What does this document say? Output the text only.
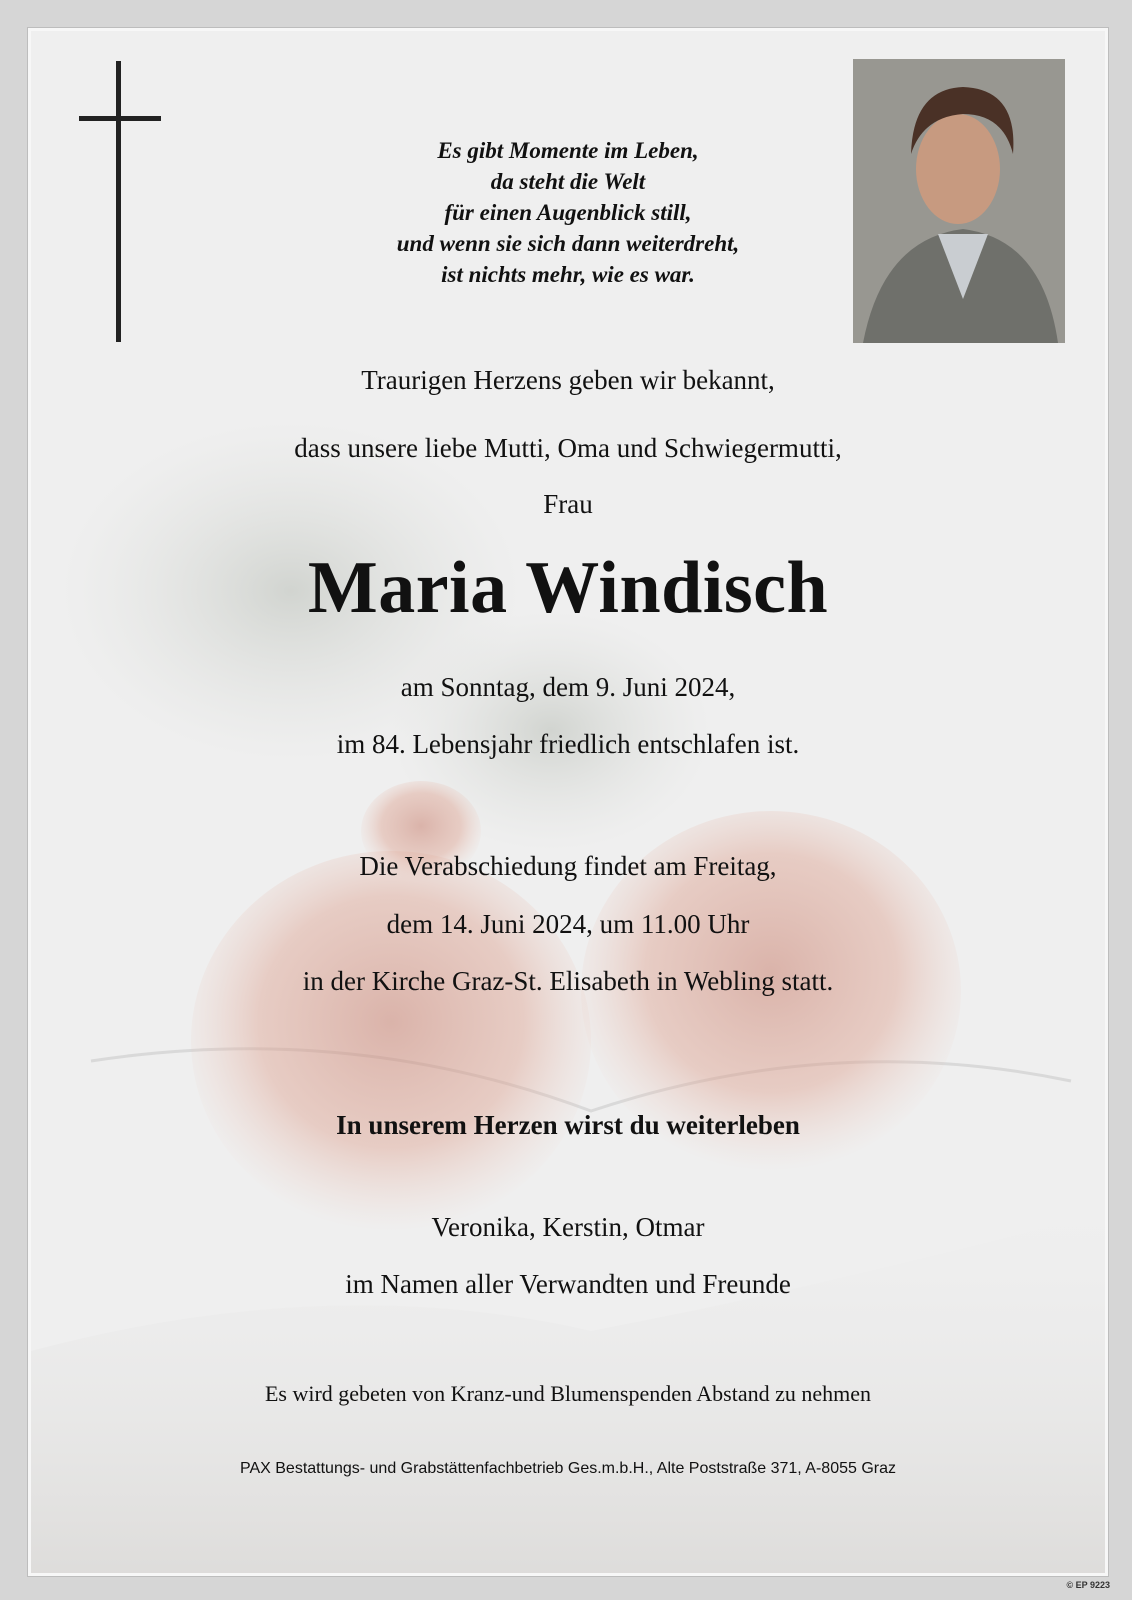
Es gibt Momente im Leben,
da steht die Welt
für einen Augenblick still,
und wenn sie sich dann weiterdreht,
ist nichts mehr, wie es war.
Traurigen Herzens geben wir bekannt,
dass unsere liebe Mutti, Oma und Schwiegermutti,
Frau
Maria Windisch
am Sonntag, dem 9. Juni 2024,
im 84. Lebensjahr friedlich entschlafen ist.
Die Verabschiedung findet am Freitag,
dem 14. Juni 2024, um 11.00 Uhr
in der Kirche Graz-St. Elisabeth in Webling statt.
In unserem Herzen wirst du weiterleben
Veronika, Kerstin, Otmar
im Namen aller Verwandten und Freunde
Es wird gebeten von Kranz-und Blumenspenden Abstand zu nehmen
PAX Bestattungs- und Grabstättenfachbetrieb Ges.m.b.H., Alte Poststraße 371, A-8055 Graz
© EP 9223
